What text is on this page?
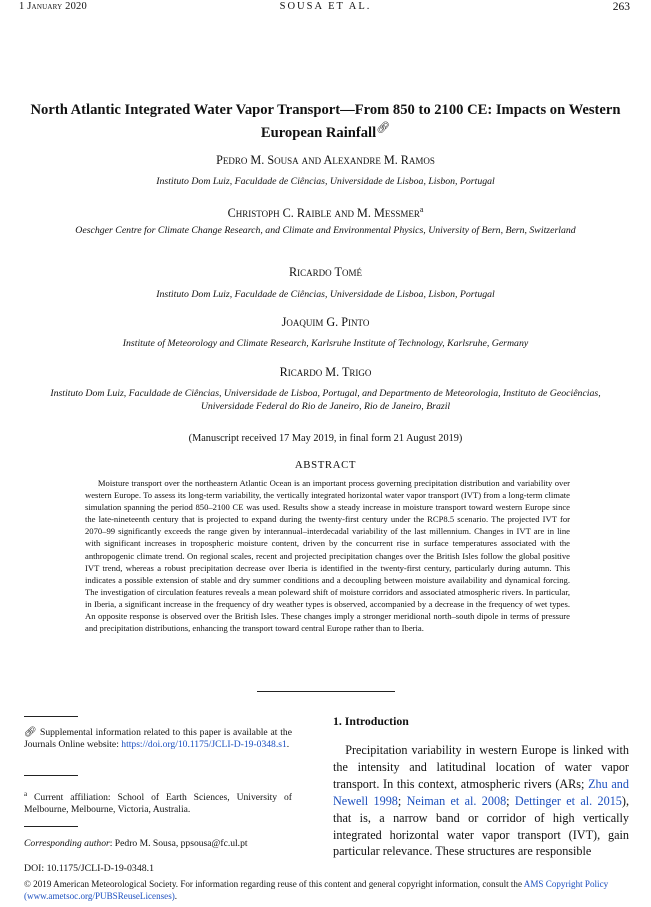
1 January 2020	SOUSA ET AL.	263
North Atlantic Integrated Water Vapor Transport—From 850 to 2100 CE: Impacts on Western European Rainfall🔗︎
Pedro M. Sousa and Alexandre M. Ramos
Instituto Dom Luiz, Faculdade de Ciências, Universidade de Lisboa, Lisbon, Portugal
Christoph C. Raible and M. Messmer$^a$
Oeschger Centre for Climate Change Research, and Climate and Environmental Physics, University of Bern, Bern, Switzerland
Ricardo Tomé
Instituto Dom Luiz, Faculdade de Ciências, Universidade de Lisboa, Lisbon, Portugal
Joaquim G. Pinto
Institute of Meteorology and Climate Research, Karlsruhe Institute of Technology, Karlsruhe, Germany
Ricardo M. Trigo
Instituto Dom Luiz, Faculdade de Ciências, Universidade de Lisboa, Portugal, and Departmento de Meteorologia, Instituto de Geociências, Universidade Federal do Rio de Janeiro, Rio de Janeiro, Brazil
(Manuscript received 17 May 2019, in final form 21 August 2019)
ABSTRACT

Moisture transport over the northeastern Atlantic Ocean is an important process governing precipitation distribution and variability over western Europe. To assess its long-term variability, the vertically integrated horizontal water vapor transport (IVT) from a long-term climate simulation spanning the period 850–2100 CE was used. Results show a steady increase in moisture transport toward western Europe since the late-nineteenth century that is projected to expand during the twenty-first century under the RCP8.5 scenario. The projected IVT for 2070–99 significantly exceeds the range given by interannual–interdecadal variability of the last millennium. Changes in IVT are in line with significant increases in tropospheric moisture content, driven by the concurrent rise in surface temperatures associated with the anthropogenic climate trend. On regional scales, recent and projected precipitation changes over the British Isles follow the global positive IVT trend, whereas a robust precipitation decrease over Iberia is identified in the twenty-first century, particularly during autumn. This indicates a possible extension of stable and dry summer conditions and a decoupling between moisture availability and dynamical forcing. The investigation of circulation features reveals a mean poleward shift of moisture corridors and associated atmospheric rivers. In particular, in Iberia, a significant increase in the frequency of dry weather types is observed, accompanied by a decrease in the frequency of wet types. An opposite response is observed over the British Isles. These changes imply a stronger meridional north–south dipole in terms of pressure and precipitation distributions, enhancing the transport toward central Europe rather than to Iberia.

🔗︎ Supplemental information related to this paper is available at the Journals Online website: https://doi.org/10.1175/JCLI-D-19-0348.s1.

$^a$ Current affiliation: School of Earth Sciences, University of Melbourne, Melbourne, Victoria, Australia.

Corresponding author: Pedro M. Sousa, ppsousa@fc.ul.pt

1. Introduction

Precipitation variability in western Europe is linked with the intensity and latitudinal location of water vapor transport. In this context, atmospheric rivers (ARs; Zhu and Newell 1998; Neiman et al. 2008; Dettinger et al. 2015), that is, a narrow band or corridor of high vertically integrated horizontal water vapor transport (IVT), gain particular relevance. These structures are responsible

DOI: 10.1175/JCLI-D-19-0348.1

© 2019 American Meteorological Society. For information regarding reuse of this content and general copyright information, consult the AMS Copyright Policy (www.ametsoc.org/PUBSReuseLicenses).
